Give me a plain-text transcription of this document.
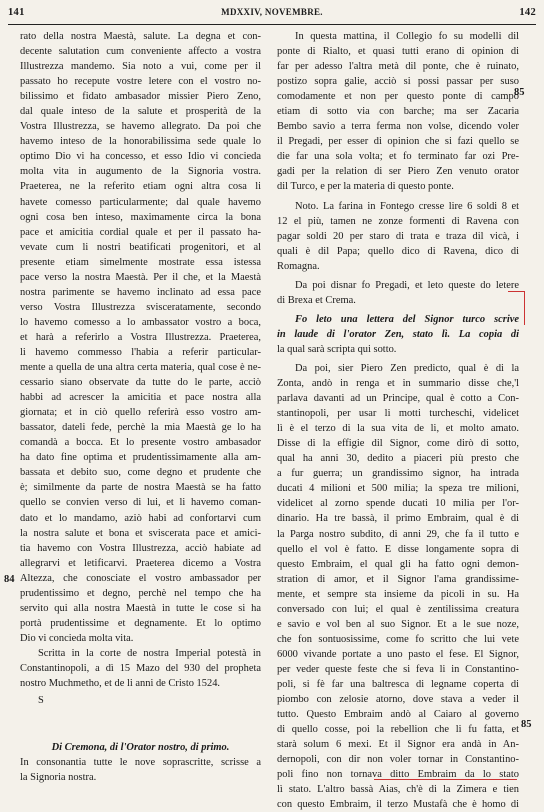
141	MDXXIV, NOVEMBRE.	142

rato della nostra Maestà, salute. La degna et con-

decente salutation cum conveniente affecto a vostra

Illustrezza mandemo. Sia noto a vui, come per il

passato ho recepute vostre letere con el vostro no-

bilissimo et fidato ambasador missier Piero Zeno,

dal quale inteso de la salute et prosperità de la

Vostra Illustrezza, se havemo allegrato. Da poi che

havemo inteso de la honorabilissima sede quale lo

optimo Dio vi ha concesso, et esso Idio vi concieda

molta vita in augumento de la Signoria vostra.

Praeterea, ne la referito etiam ogni altra cosa li

havete comesso particularmente; dal quale havemo

ogni cosa ben inteso, maximamente circa la bona

pace et amicitia cordial quale et per il passato ha-

vevate cum li nostri beatificati progenitori, et al

presente etiam simelmente mostrate essa istessa

pace verso la nostra Maestà. Per il che, et la Maestà

nostra parimente se havemo inclinato ad essa pace

verso Vostra Illustrezza svisceratamente, secondo

lo havemo comesso a lo ambassator vostro a boca,

et harà a referirlo a Vostra Illustrezza. Praeterea,

li havemo commesso l'habia a referir particular-

mente a quella de una altra certa materia, qual cose è ne-

cessario siano observate da tutte do le parte, acciò

habbi ad acrescer la amicitia et pace nostra alla

giornata; et in ciò quello referirà esso vostro am-

bassator, dateli fede, perchè la mia Maestà ge lo ha

comandà a bocca. Et lo presente vostro ambasador

ha dato fine optima et prudentissimamente alla am-

bassata et debito suo, come degno et prudente che

è; similmente da parte de nostra Maestà se ha fatto

quello se convien verso di lui, et li havemo coman-

dato et lo mandamo, aziò habi ad confortarvi cum

la nostra salute et bona et sviscerata pace et amici-

tia havemo con Vostra Illustrezza, acciò habiate ad

allegrarvi et letificarvi. Praeterea dicemo a Vostra

Altezza, che conosciate el vostro ambassador per

prudentissimo et degno, perchè nel tempo che ha

servito qui alla nostra Maestà in tutte le cose si ha

portà prudentissime et degnamente. Et lo optimo

Dio vi concieda molta vita.

Scritta in la corte de nostra Imperial potestà in

Constantinopoli, a dì 15 Mazo del 930 del propheta

nostro Muchmetho, et de li anni de Cristo 1524.

S

Di Cremona, di l'Orator nostro, di primo.

In consonantia tutte le nove soprascritte, scrisse a

la Signoria nostra.

In questa mattina, il Collegio fo su modelli dil

ponte di Rialto, et quasi tutti erano di opinion di

far per adesso l'altra metà dil ponte, che è ruinato,

postizo sopra galie, acciò si possi passar per suso

comodamente et non per questo ponte di campo

etiam di sotto via con barche; ma ser Zacaria

Bembo savio a terra ferma non volse, dicendo voler

il Pregadi, per esser di opinion che si fazi quello se

die far una sola volta; et fo terminato far ozi Pre-

gadi per la relation di ser Piero Zen venuto orator

dil Turco, e per la materia di questo ponte.

Noto. La farina in Fontego cresse lire 6 soldi 8 et

12 el più, tamen ne zonze formenti di Ravena con

pagar soldi 20 per staro di trata e traza dil vicà, i

quali è dil Papa; quello dico di Ravena, dico di

Romagna.

Da poi disnar fo Pregadi, et leto queste do letere

di Brexa et Crema.

Fo leto una lettera del Signor turco scrive

in laude di l'orator Zen, stato lì. La copia di

la qual sarà scripta qui sotto.

Da poi, sier Piero Zen predicto, qual è di la

Zonta, andò in renga et in summario disse che,'l

parlava davanti ad un Principe, qual è cotto a Con-

stantinopoli, per usar li motti turcheschi, videlicet

lì è el terzo di la sua vita de li, et molto amato.

Disse di la effigie dil Signor, come dirò di sotto,

qual ha anni 30, dedito a piaceri più presto che

a fur guerra; un grandissimo signor, ha intrada

ducati 4 milioni et 500 milia; la speza tre milioni,

videlicet al zorno spende ducati 10 milia per l'or-

dinario. Ha tre bassà, il primo Embraim, qual è di

la Parga nostro subdito, di anni 29, che fa il tutto e

quello el vol è fatto. E disse longamente sopra di

questo Embraim, el qual gli ha fatto ogni demon-

stration di amor, et il Signor l'ama grandissime-

mente, et sempre sta insieme da picoli in su. Ha

conversado con lui; el qual è zentilissima creatura

e savio e vol ben al suo Signor. Et a le sue noze,

che fon sontuosissime, come fo scritto che lui vete

6000 vivande portate a uno pasto el fese. El Signor,

per veder queste feste che si feva li in Constantino-

poli, si fè far una baltresca di legname coperta di

piombo con zelosie atorno, dove stava a veder il

tutto. Questo Embraim andò al Caiaro al governo

di quello cosse, poi la rebellion che li fu fatta, et

starà solum 6 mexi. Et il Signor era andà in An-

dernopoli, con dir non voler tornar in Constantino-

poli fino non tornava ditto Embraim da lo stato

lì stato. L'altro bassà Aias, ch'è di la Zimera e tien

con questo Embraim, il terzo Mustafà che è homo di

85
84
85
